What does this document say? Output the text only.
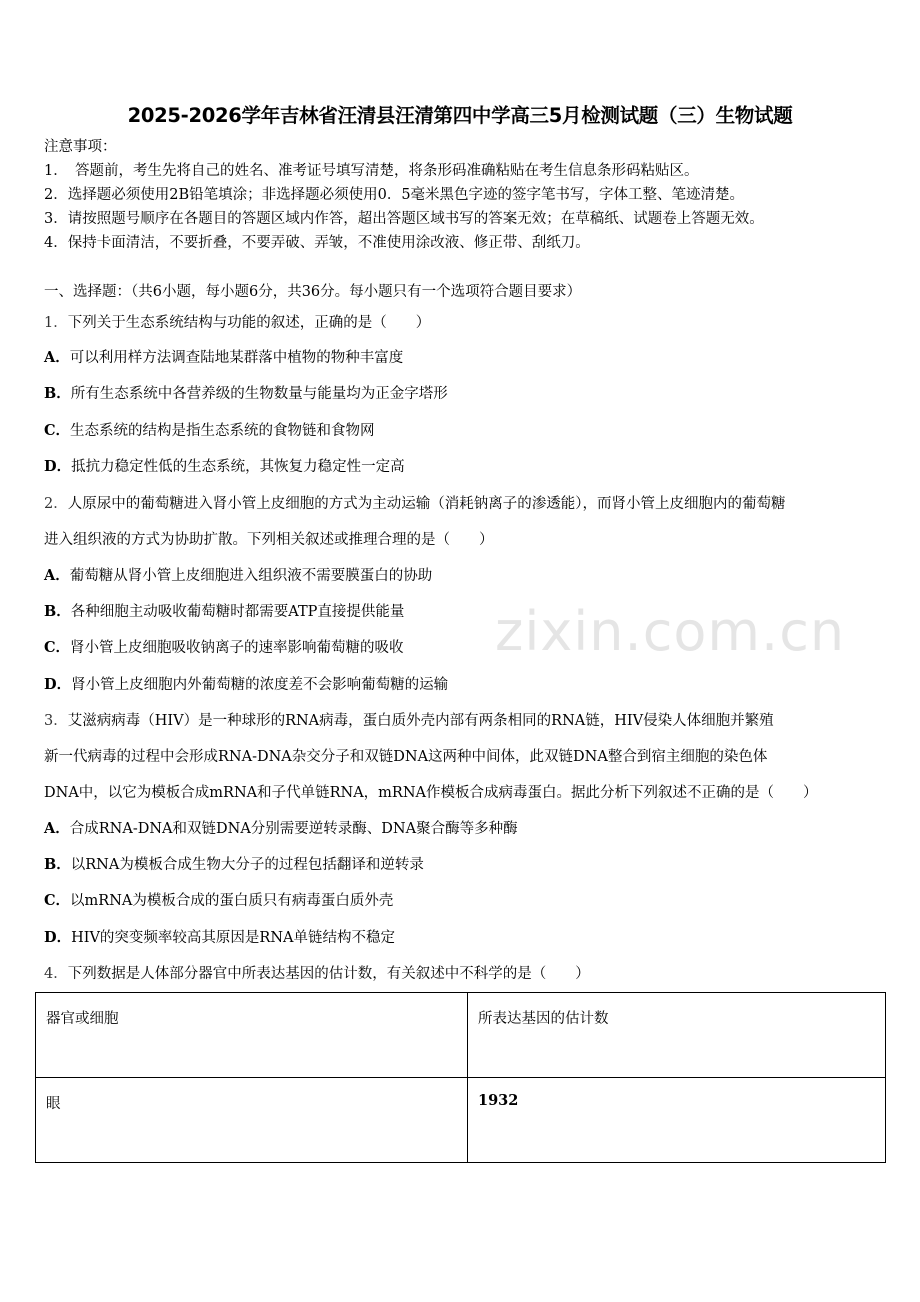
2025-2026学年吉林省汪清县汪清第四中学高三5月检测试题（三）生物试题
注意事项：
1．　答题前，考生先将自己的姓名、准考证号填写清楚，将条形码准确粘贴在考生信息条形码粘贴区。
2．选择题必须使用2B铅笔填涂；非选择题必须使用0．5毫米黑色字迹的签字笔书写，字体工整、笔迹清楚。
3．请按照题号顺序在各题目的答题区域内作答，超出答题区域书写的答案无效；在草稿纸、试题卷上答题无效。
4．保持卡面清洁，不要折叠，不要弄破、弄皱，不准使用涂改液、修正带、刮纸刀。
一、选择题：（共6小题，每小题6分，共36分。每小题只有一个选项符合题目要求）
1．下列关于生态系统结构与功能的叙述，正确的是（　　）
A．可以利用样方法调查陆地某群落中植物的物种丰富度
B．所有生态系统中各营养级的生物数量与能量均为正金字塔形
C．生态系统的结构是指生态系统的食物链和食物网
D．抵抗力稳定性低的生态系统，其恢复力稳定性一定高
2．人原尿中的葡萄糖进入肾小管上皮细胞的方式为主动运输（消耗钠离子的渗透能），而肾小管上皮细胞内的葡萄糖
进入组织液的方式为协助扩散。下列相关叙述或推理合理的是（　　）
A．葡萄糖从肾小管上皮细胞进入组织液不需要膜蛋白的协助
B．各种细胞主动吸收葡萄糖时都需要ATP直接提供能量
C．肾小管上皮细胞吸收钠离子的速率影响葡萄糖的吸收
D．肾小管上皮细胞内外葡萄糖的浓度差不会影响葡萄糖的运输
zixin.com.cn
3．艾滋病病毒（HIV）是一种球形的RNA病毒，蛋白质外壳内部有两条相同的RNA链，HIV侵染人体细胞并繁殖
新一代病毒的过程中会形成RNA-DNA杂交分子和双链DNA这两种中间体，此双链DNA整合到宿主细胞的染色体
DNA中，以它为模板合成mRNA和子代单链RNA，mRNA作模板合成病毒蛋白。据此分析下列叙述不正确的是（　　）
A．合成RNA-DNA和双链DNA分别需要逆转录酶、DNA聚合酶等多种酶
B．以RNA为模板合成生物大分子的过程包括翻译和逆转录
C．以mRNA为模板合成的蛋白质只有病毒蛋白质外壳
D．HIV的突变频率较高其原因是RNA单链结构不稳定
4．下列数据是人体部分器官中所表达基因的估计数，有关叙述中不科学的是（　　）
器官或细胞	所表达基因的估计数
眼	1932
